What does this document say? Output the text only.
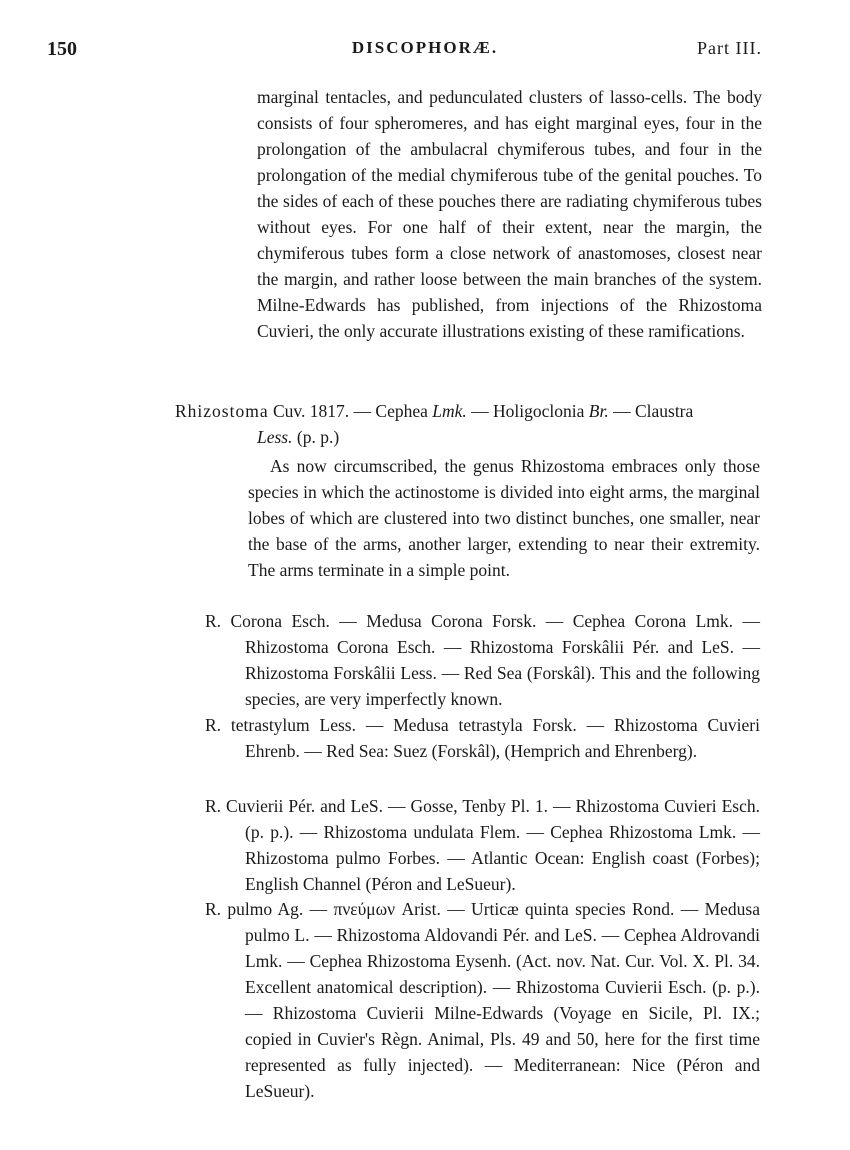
150	DISCOPHORÆ.	Part III.
marginal tentacles, and pedunculated clusters of lasso-cells. The body consists of four spheromeres, and has eight marginal eyes, four in the prolongation of the ambulacral chymiferous tubes, and four in the prolongation of the medial chymiferous tube of the genital pouches. To the sides of each of these pouches there are radiating chymiferous tubes without eyes. For one half of their extent, near the margin, the chymiferous tubes form a close network of anastomoses, closest near the margin, and rather loose between the main branches of the system. Milne-Edwards has published, from injections of the Rhizostoma Cuvieri, the only accurate illustrations existing of these ramifications.
Rhizostoma Cuv. 1817. — Cephea Lmk. — Holigoclonia Br. — Claustra
Less. (p. p.)
As now circumscribed, the genus Rhizostoma embraces only those species in which the actinostome is divided into eight arms, the marginal lobes of which are clustered into two distinct bunches, one smaller, near the base of the arms, another larger, extending to near their extremity. The arms terminate in a simple point.
R. Corona Esch. — Medusa Corona Forsk. — Cephea Corona Lmk. — Rhizostoma Corona Esch. — Rhizostoma Forskâlii Pér. and LeS. — Rhizostoma Forskâlii Less. — Red Sea (Forskâl). This and the following species, are very imperfectly known.
R. tetrastylum Less. — Medusa tetrastyla Forsk. — Rhizostoma Cuvieri Ehrenb. — Red Sea: Suez (Forskâl), (Hemprich and Ehrenberg).
R. Cuvierii Pér. and LeS. — Gosse, Tenby Pl. 1. — Rhizostoma Cuvieri Esch. (p. p.). — Rhizostoma undulata Flem. — Cephea Rhizostoma Lmk. — Rhizostoma pulmo Forbes. — Atlantic Ocean: English coast (Forbes); English Channel (Péron and LeSueur).
R. pulmo Ag. — πνεύμων Arist. — Urticæ quinta species Rond. — Medusa pulmo L. — Rhizostoma Aldovandi Pér. and LeS. — Cephea Aldrovandi Lmk. — Cephea Rhizostoma Eysenh. (Act. nov. Nat. Cur. Vol. X. Pl. 34. Excellent anatomical description). — Rhizostoma Cuvierii Esch. (p. p.). — Rhizostoma Cuvierii Milne-Edwards (Voyage en Sicile, Pl. IX.; copied in Cuvier's Règn. Animal, Pls. 49 and 50, here for the first time represented as fully injected). — Mediterranean: Nice (Péron and LeSueur).
